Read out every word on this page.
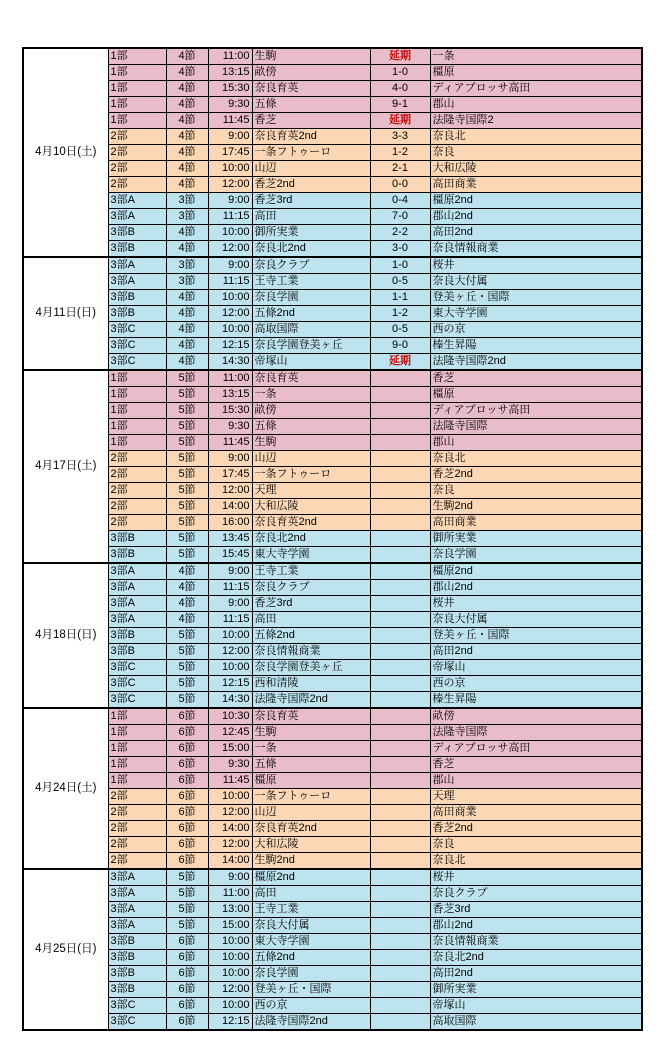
4月10日(土)	1部	4節	11:00	生駒	延期	一条
	1部	4節	13:15	畝傍	1-0	橿原
	1部	4節	15:30	奈良育英	4-0	ディアブロッサ高田
	1部	4節	9:30	五條	9-1	郡山
	1部	4節	11:45	香芝	延期	法隆寺国際2
	2部	4節	9:00	奈良育英2nd	3-3	奈良北
	2部	4節	17:45	一条フトゥーロ	1-2	奈良
	2部	4節	10:00	山辺	2-1	大和広陵
	2部	4節	12:00	香芝2nd	0-0	高田商業
	3部A	3節	9:00	香芝3rd	0-4	橿原2nd
	3部A	3節	11:15	高田	7-0	郡山2nd
	3部B	4節	10:00	御所実業	2-2	高田2nd
	3部B	4節	12:00	奈良北2nd	3-0	奈良情報商業
4月11日(日)	3部A	3節	9:00	奈良クラブ	1-0	桜井
	3部A	3節	11:15	王寺工業	0-5	奈良大付属
	3部B	4節	10:00	奈良学園	1-1	登美ヶ丘・国際
	3部B	4節	12:00	五條2nd	1-2	東大寺学園
	3部C	4節	10:00	高取国際	0-5	西の京
	3部C	4節	12:15	奈良学園登美ヶ丘	9-0	榛生昇陽
	3部C	4節	14:30	帝塚山	延期	法隆寺国際2nd
4月17日(土)	1部	5節	11:00	奈良育英		香芝
	1部	5節	13:15	一条		橿原
	1部	5節	15:30	畝傍		ディアブロッサ高田
	1部	5節	9:30	五條		法隆寺国際
	1部	5節	11:45	生駒		郡山
	2部	5節	9:00	山辺		奈良北
	2部	5節	17:45	一条フトゥーロ		香芝2nd
	2部	5節	12:00	天理		奈良
	2部	5節	14:00	大和広陵		生駒2nd
	2部	5節	16:00	奈良育英2nd		高田商業
	3部B	5節	13:45	奈良北2nd		御所実業
	3部B	5節	15:45	東大寺学園		奈良学園
4月18日(日)	3部A	4節	9:00	王寺工業		橿原2nd
	3部A	4節	11:15	奈良クラブ		郡山2nd
	3部A	4節	9:00	香芝3rd		桜井
	3部A	4節	11:15	高田		奈良大付属
	3部B	5節	10:00	五條2nd		登美ヶ丘・国際
	3部B	5節	12:00	奈良情報商業		高田2nd
	3部C	5節	10:00	奈良学園登美ヶ丘		帝塚山
	3部C	5節	12:15	西和清陵		西の京
	3部C	5節	14:30	法隆寺国際2nd		榛生昇陽
4月24日(土)	1部	6節	10:30	奈良育英		畝傍
	1部	6節	12:45	生駒		法隆寺国際
	1部	6節	15:00	一条		ディアブロッサ高田
	1部	6節	9:30	五條		香芝
	1部	6節	11:45	橿原		郡山
	2部	6節	10:00	一条フトゥーロ		天理
	2部	6節	12:00	山辺		高田商業
	2部	6節	14:00	奈良育英2nd		香芝2nd
	2部	6節	12:00	大和広陵		奈良
	2部	6節	14:00	生駒2nd		奈良北
4月25日(日)	3部A	5節	9:00	橿原2nd		桜井
	3部A	5節	11:00	高田		奈良クラブ
	3部A	5節	13:00	王寺工業		香芝3rd
	3部A	5節	15:00	奈良大付属		郡山2nd
	3部B	6節	10:00	東大寺学園		奈良情報商業
	3部B	6節	10:00	五條2nd		奈良北2nd
	3部B	6節	10:00	奈良学園		高田2nd
	3部B	6節	12:00	登美ヶ丘・国際		御所実業
	3部C	6節	10:00	西の京		帝塚山
	3部C	6節	12:15	法隆寺国際2nd		高取国際
